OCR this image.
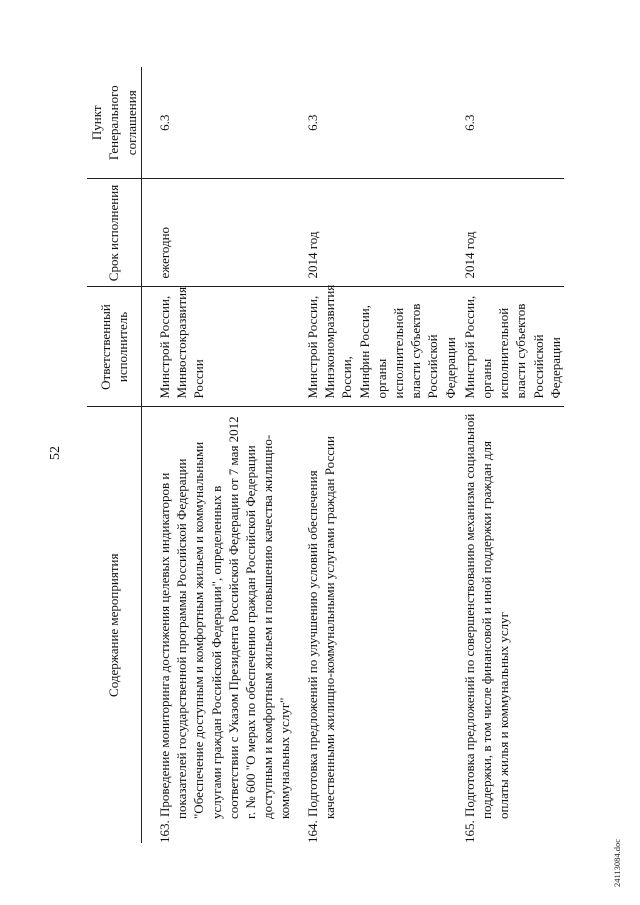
52
Содержание мероприятия	Ответственный исполнитель	Срок исполнения	Пункт Генерального соглашения

163. Проведение мониторинга достижения целевых индикаторов и показателей государственной программы Российской Федерации "Обеспечение доступным и комфортным жильем и коммунальными услугами граждан Российской Федерации", определенных в соответствии с Указом Президента Российской Федерации от 7 мая 2012 г. № 600 "О мерах по обеспечению граждан Российской Федерации доступным и комфортным жильем и повышению качества жилищно-коммунальных услуг"	Минстрой России,
Минвостокразвития России	ежегодно	6.3

164. Подготовка предложений по улучшению условий обеспечения качественными жилищно-коммунальными услугами граждан России	Минстрой России,
Минэкономразвития России,
Минфин России,
органы исполнительной власти субъектов Российской Федерации	2014 год	6.3

165. Подготовка предложений по совершенствованию механизма социальной поддержки, в том числе финансовой и иной поддержки граждан для оплаты жилья и коммунальных услуг	Минстрой России,
органы исполнительной власти субъектов Российской Федерации	2014 год	6.3
24113084.doc
